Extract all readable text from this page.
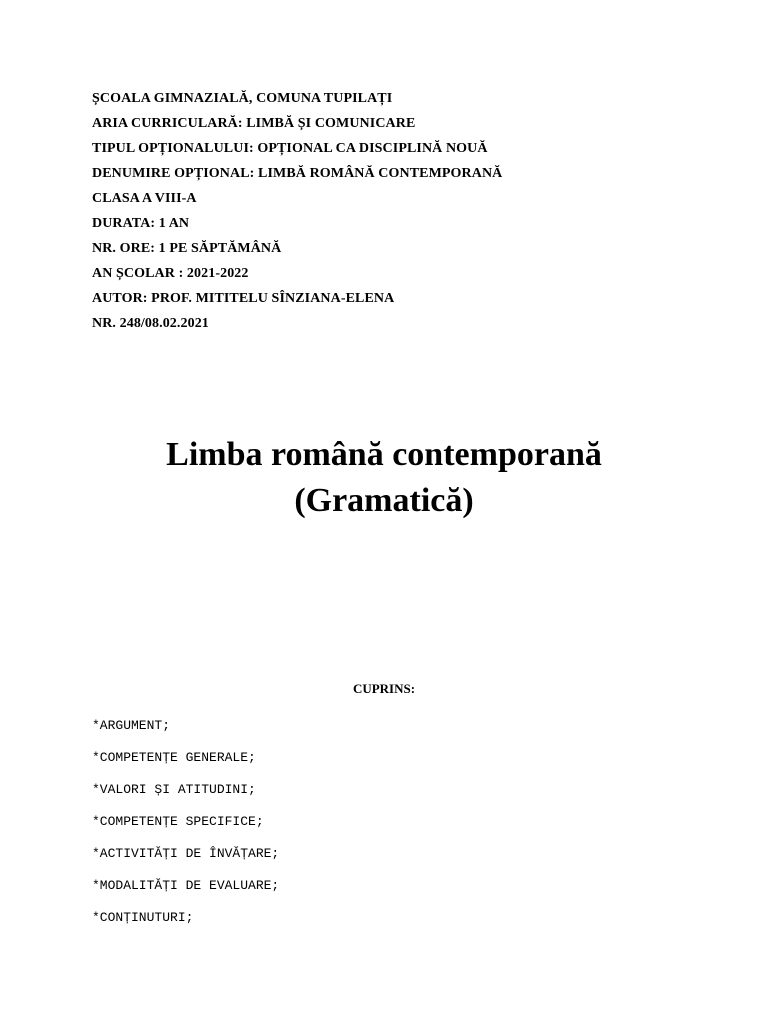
ȘCOALA GIMNAZIALĂ, COMUNA TUPILAȚI
ARIA CURRICULARĂ: LIMBĂ ȘI COMUNICARE
TIPUL OPȚIONALULUI: OPȚIONAL CA DISCIPLINĂ NOUĂ
DENUMIRE OPȚIONAL: LIMBĂ ROMÂNĂ CONTEMPORANĂ
CLASA A VIII-A
DURATA: 1 AN
NR. ORE: 1 PE SĂPTĂMÂNĂ
AN ȘCOLAR : 2021-2022
AUTOR: PROF. MITITELU SÎNZIANA-ELENA
NR. 248/08.02.2021
Limba română contemporană
(Gramatică)
CUPRINS:
*ARGUMENT;
*COMPETENȚE GENERALE;
*VALORI ȘI ATITUDINI;
*COMPETENȚE SPECIFICE;
*ACTIVITĂȚI DE ÎNVĂȚARE;
*MODALITĂȚI DE EVALUARE;
*CONȚINUTURI;
